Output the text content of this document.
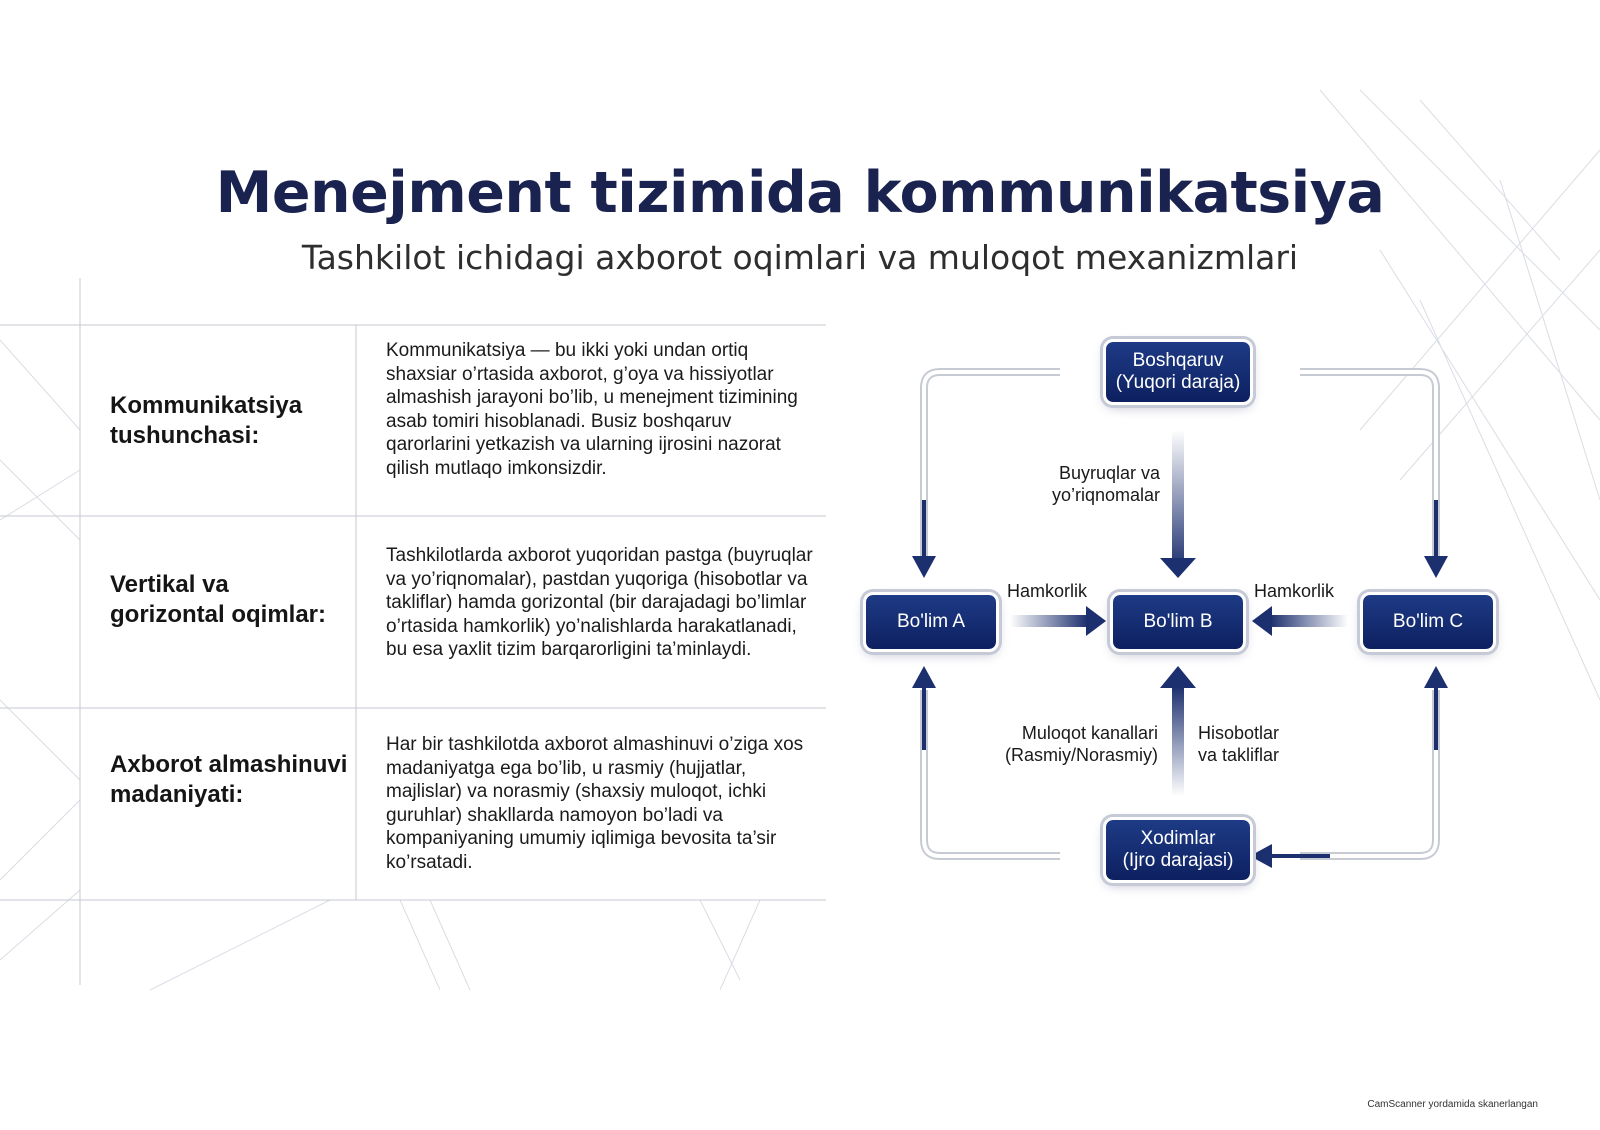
Menejment tizimida kommunikatsiya
Tashkilot ichidagi axborot oqimlari va muloqot mexanizmlari
Kommunikatsiya tushunchasi:
Kommunikatsiya — bu ikki yoki undan ortiq shaxsiar o’rtasida axborot, g’oya va hissiyotlar almashish jarayoni bo’lib, u menejment tizimining asab tomiri hisoblanadi. Busiz boshqaruv qarorlarini yetkazish va ularning ijrosini nazorat qilish mutlaqo imkonsizdir.
Vertikal va gorizontal oqimlar:
Tashkilotlarda axborot yuqoridan pastga (buyruqlar va yo’riqnomalar), pastdan yuqoriga (hisobotlar va takliflar) hamda gorizontal (bir darajadagi bo’limlar o’rtasida hamkorlik) yo’nalishlarda harakatlanadi, bu esa yaxlit tizim barqarorligini ta’minlaydi.
Axborot almashinuvi madaniyati:
Har bir tashkilotda axborot almashinuvi o’ziga xos madaniyatga ega bo’lib, u rasmiy (hujjatlar, majlislar) va norasmiy (shaxsiy muloqot, ichki guruhlar) shakllarda namoyon bo’ladi va kompaniyaning umumiy iqlimiga bevosita ta’sir ko’rsatadi.
Boshqaruv
(Yuqori daraja)
Bo'lim A	Bo'lim B	Bo'lim C
Xodimlar
(Ijro darajasi)
Buyruqlar va yo’riqnomalar
Hamkorlik	Hamkorlik
Muloqot kanallari (Rasmiy/Norasmiy)
Hisobotlar va takliflar
CamScanner yordamida skanerlangan
